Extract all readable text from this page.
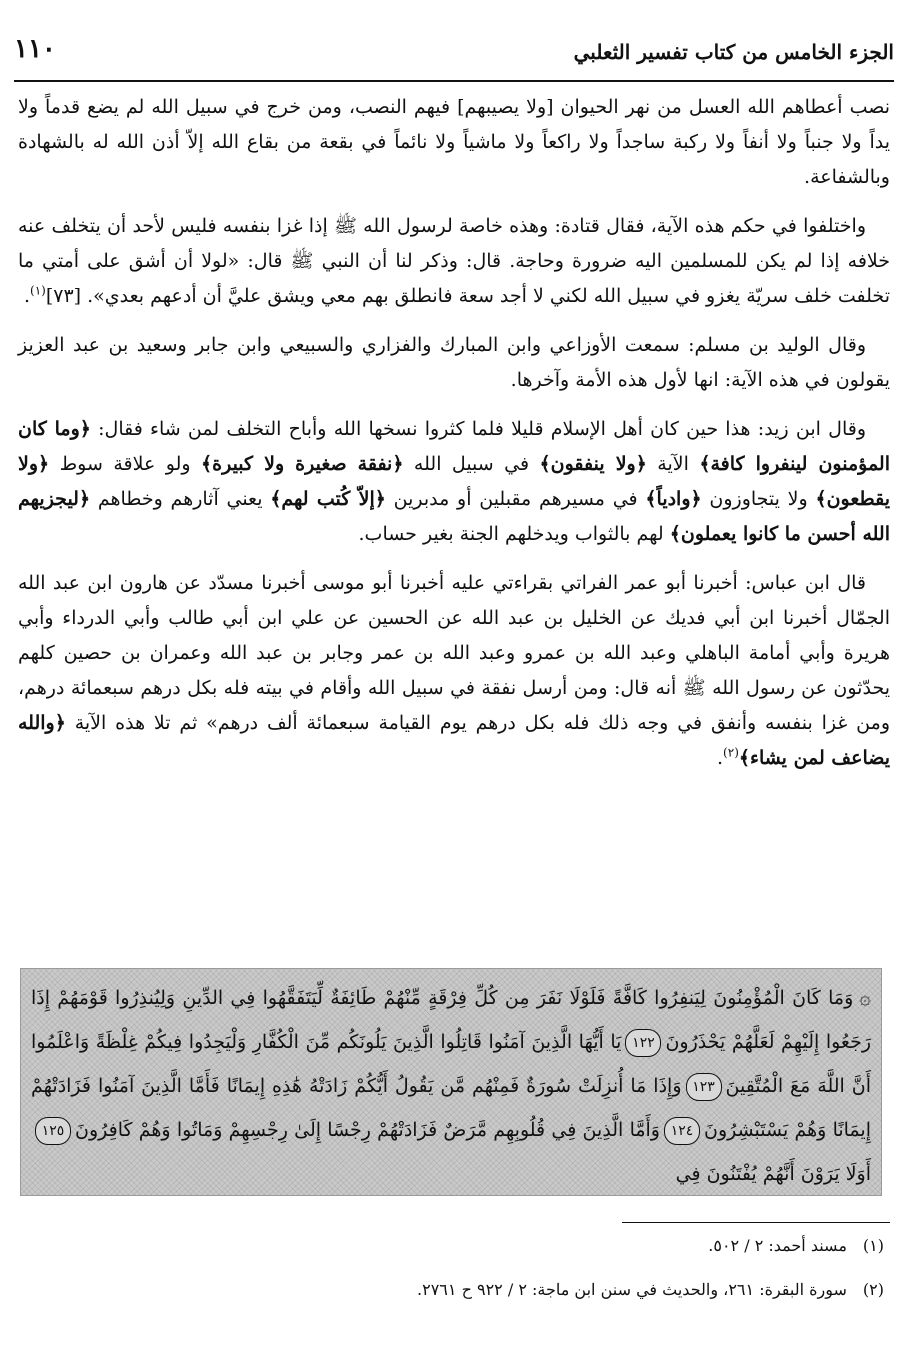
١١٠	الجزء الخامس من كتاب تفسير الثعلبي

نصب أعطاهم الله العسل من نهر الحيوان [ولا يصيبهم] فيهم النصب، ومن خرج في سبيل الله لم يضع قدماً ولا يداً ولا جنباً ولا أنفاً ولا ركبة ساجداً ولا راكعاً ولا ماشياً ولا نائماً في بقعة من بقاع الله إلاّ أذن الله له بالشهادة وبالشفاعة.

واختلفوا في حكم هذه الآية، فقال قتادة: وهذه خاصة لرسول الله ﷺ إذا غزا بنفسه فليس لأحد أن يتخلف عنه خلافه إذا لم يكن للمسلمين اليه ضرورة وحاجة. قال: وذكر لنا أن النبي ﷺ قال: «لولا أن أشق على أمتي ما تخلفت خلف سريّة يغزو في سبيل الله لكني لا أجد سعة فانطلق بهم معي ويشق عليَّ أن أدعهم بعدي». [٧٣]$^{(١)}$.

وقال الوليد بن مسلم: سمعت الأوزاعي وابن المبارك والفزاري والسبيعي وابن جابر وسعيد بن عبد العزيز يقولون في هذه الآية: انها لأول هذه الأمة وآخرها.

وقال ابن زيد: هذا حين كان أهل الإسلام قليلا فلما كثروا نسخها الله وأباح التخلف لمن شاء فقال: ﴿وما كان المؤمنون لينفروا كافة﴾ الآية ﴿ولا ينفقون﴾ في سبيل الله ﴿نفقة صغيرة ولا كبيرة﴾ ولو علاقة سوط ﴿ولا يقطعون﴾ ولا يتجاوزون ﴿وادياً﴾ في مسيرهم مقبلين أو مدبرين ﴿إلاّ كُتب لهم﴾ يعني آثارهم وخطاهم ﴿ليجزيهم الله أحسن ما كانوا يعملون﴾ لهم بالثواب ويدخلهم الجنة بغير حساب.

قال ابن عباس: أخبرنا أبو عمر الفراتي بقراءتي عليه أخبرنا أبو موسى أخبرنا مسدّد عن هارون ابن عبد الله الجمّال أخبرنا ابن أبي فديك عن الخليل بن عبد الله عن الحسين عن علي ابن أبي طالب وأبي الدرداء وأبي هريرة وأبي أمامة الباهلي وعبد الله بن عمرو وعبد الله بن عمر وجابر بن عبد الله وعمران بن حصين كلهم يحدّثون عن رسول الله ﷺ أنه قال: ومن أرسل نفقة في سبيل الله وأقام في بيته فله بكل درهم سبعمائة درهم، ومن غزا بنفسه وأنفق في وجه ذلك فله بكل درهم يوم القيامة سبعمائة ألف درهم» ثم تلا هذه الآية ﴿والله يضاعف لمن يشاء﴾$^{(٢)}$.

۞وَمَا كَانَ الْمُؤْمِنُونَ لِيَنفِرُوا كَافَّةً فَلَوْلَا نَفَرَ مِن كُلِّ فِرْقَةٍ مِّنْهُمْ طَائِفَةٌ لِّيَتَفَقَّهُوا فِي الدِّينِ وَلِيُنذِرُوا قَوْمَهُمْ إِذَا رَجَعُوا إِلَيْهِمْ لَعَلَّهُمْ يَحْذَرُونَ١٢٢يَا أَيُّهَا الَّذِينَ آمَنُوا قَاتِلُوا الَّذِينَ يَلُونَكُم مِّنَ الْكُفَّارِ وَلْيَجِدُوا فِيكُمْ غِلْظَةً وَاعْلَمُوا أَنَّ اللَّهَ مَعَ الْمُتَّقِينَ١٢٣وَإِذَا مَا أُنزِلَتْ سُورَةٌ فَمِنْهُم مَّن يَقُولُ أَيُّكُمْ زَادَتْهُ هَٰذِهِ إِيمَانًا فَأَمَّا الَّذِينَ آمَنُوا فَزَادَتْهُمْ إِيمَانًا وَهُمْ يَسْتَبْشِرُونَ١٢٤وَأَمَّا الَّذِينَ فِي قُلُوبِهِم مَّرَضٌ فَزَادَتْهُمْ رِجْسًا إِلَىٰ رِجْسِهِمْ وَمَاتُوا وَهُمْ كَافِرُونَ١٢٥أَوَلَا يَرَوْنَ أَنَّهُمْ يُفْتَنُونَ فِي
(١)مسند أحمد: ٢ / ٥٠٢.
(٢)سورة البقرة: ٢٦١، والحديث في سنن ابن ماجة: ٢ / ٩٢٢ ح ٢٧٦١.
